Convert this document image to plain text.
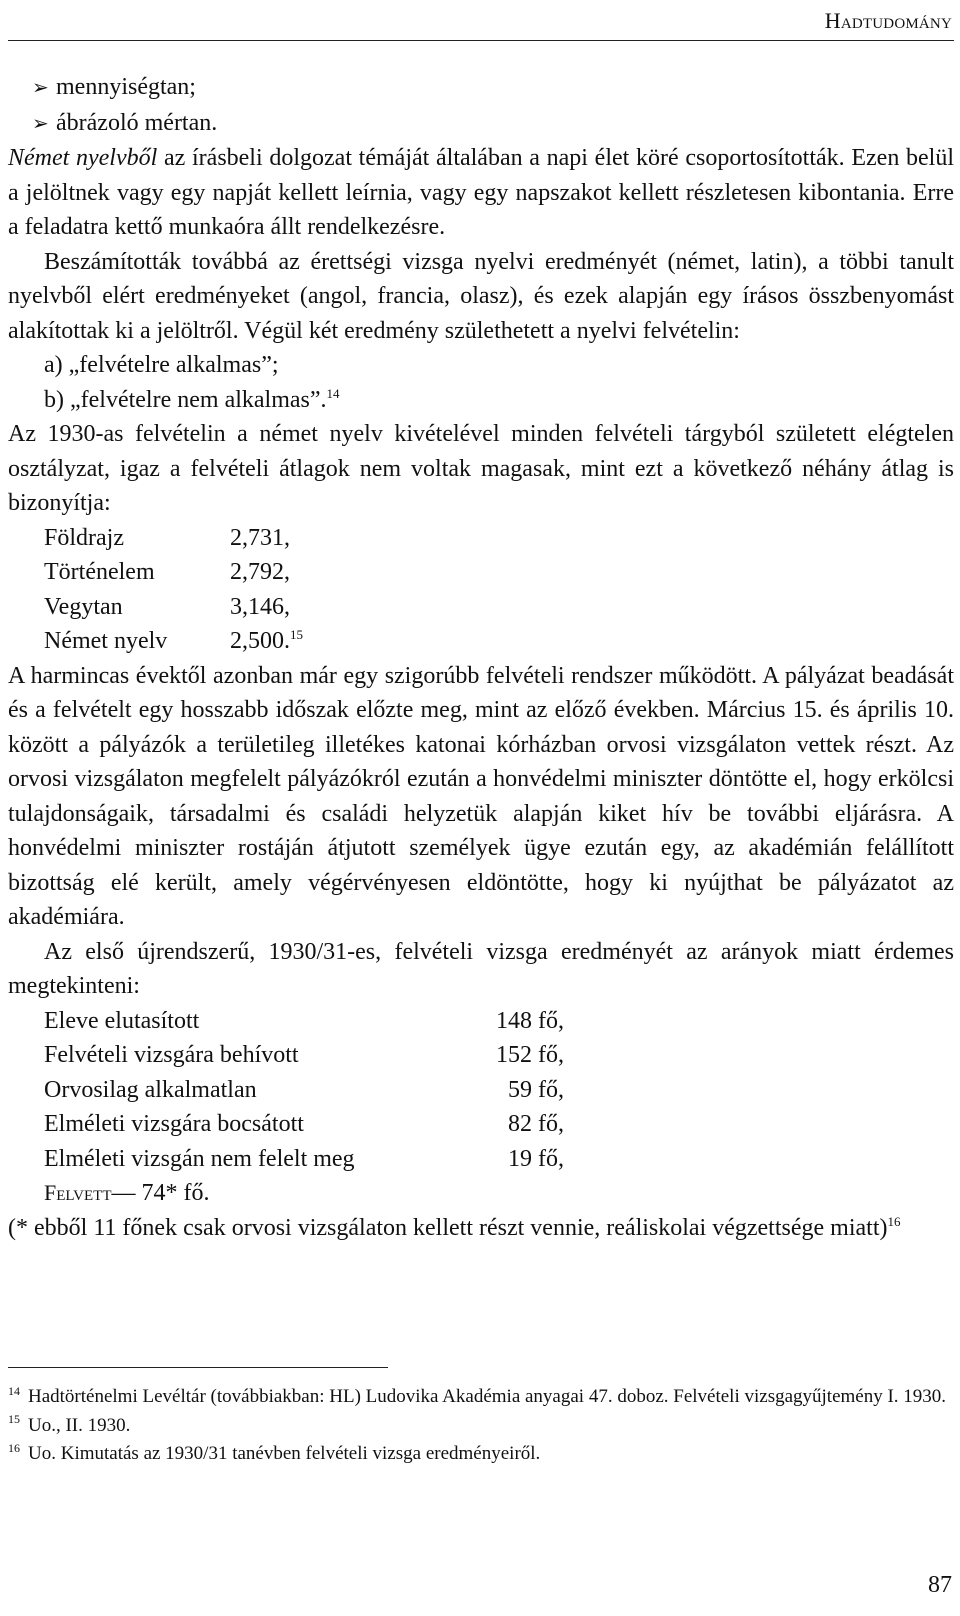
Hadtudomány

➢ mennyiségtan;

➢ ábrázoló mértan.

Német nyelvből az írásbeli dolgozat témáját általában a napi élet köré csoportosították. Ezen belül a jelöltnek vagy egy napját kellett leírnia, vagy egy napszakot kellett részletesen kibontania. Erre a feladatra kettő munkaóra állt rendelkezésre.

Beszámították továbbá az érettségi vizsga nyelvi eredményét (német, latin), a többi tanult nyelvből elért eredményeket (angol, francia, olasz), és ezek alapján egy írásos összbenyomást alakítottak ki a jelöltről. Végül két eredmény születhetett a nyelvi felvételin:

a) „felvételre alkalmas”;

b) „felvételre nem alkalmas”.$^{14}$

Az 1930-as felvételin a német nyelv kivételével minden felvételi tárgyból született elégtelen osztályzat, igaz a felvételi átlagok nem voltak magasak, mint ezt a következő néhány átlag is bizonyítja:

Földrajz	2,731,
Történelem	2,792,
Vegytan	3,146,
Német nyelv	2,500.15

A harmincas évektől azonban már egy szigorúbb felvételi rendszer működött. A pályázat beadását és a felvételt egy hosszabb időszak előzte meg, mint az előző években. Március 15. és április 10. között a pályázók a területileg illetékes katonai kórházban orvosi vizsgálaton vettek részt. Az orvosi vizsgálaton megfelelt pályázókról ezután a honvédelmi miniszter döntötte el, hogy erkölcsi tulajdonságaik, társadalmi és családi helyzetük alapján kiket hív be további eljárásra. A honvédelmi miniszter rostáján átjutott személyek ügye ezután egy, az akadémián felállított bizottság elé került, amely végérvényesen eldöntötte, hogy ki nyújthat be pályázatot az akadémiára.

Az első újrendszerű, 1930/31-es, felvételi vizsga eredményét az arányok miatt érdemes megtekinteni:

Eleve elutasított	148 fő,
Felvételi vizsgára behívott	152 fő,
Orvosilag alkalmatlan	59 fő,
Elméleti vizsgára bocsátott	82 fő,
Elméleti vizsgán nem felelt meg	19 fő,
Felvett — 74* fő.

(* ebből 11 főnek csak orvosi vizsgálaton kellett részt vennie, reáliskolai végzettsége miatt)$^{16}$

14 Hadtörténelmi Levéltár (továbbiakban: HL) Ludovika Akadémia anyagai 47. doboz. Felvételi vizsgagyűjtemény I. 1930.

15 Uo., II. 1930.

16 Uo. Kimutatás az 1930/31 tanévben felvételi vizsga eredményeiről.

87
